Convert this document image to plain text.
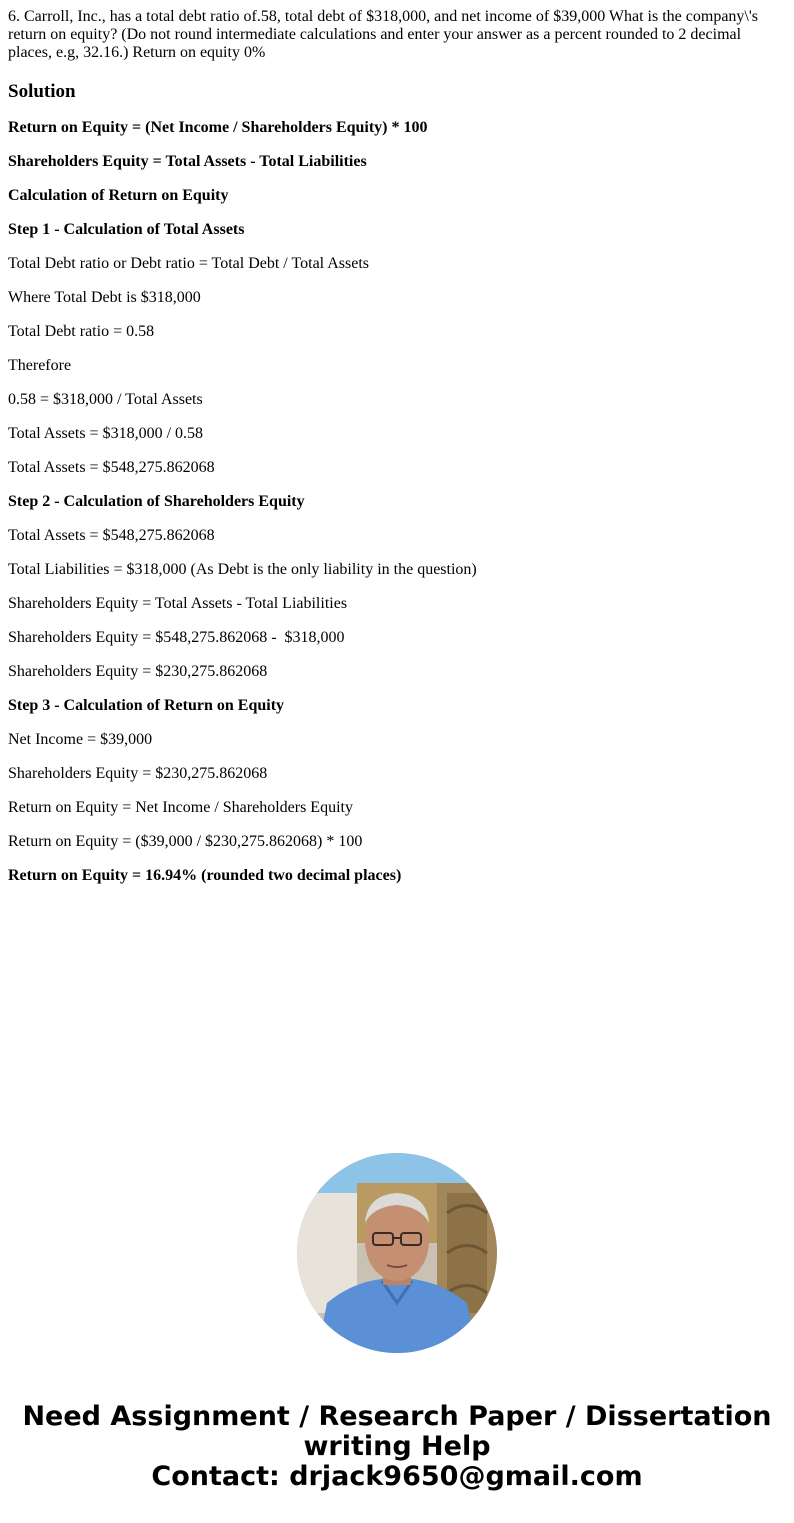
6. Carroll, Inc., has a total debt ratio of.58, total debt of $318,000, and net income of $39,000 What is the company\'s return on equity? (Do not round intermediate calculations and enter your answer as a percent rounded to 2 decimal places, e.g, 32.16.) Return on equity 0%

Solution

Return on Equity = (Net Income / Shareholders Equity) * 100

Shareholders Equity = Total Assets - Total Liabilities

Calculation of Return on Equity

Step 1 - Calculation of Total Assets

Total Debt ratio or Debt ratio = Total Debt / Total Assets

Where Total Debt is $318,000

Total Debt ratio = 0.58

Therefore

0.58 = $318,000 / Total Assets

Total Assets = $318,000 / 0.58

Total Assets = $548,275.862068

Step 2 - Calculation of Shareholders Equity

Total Assets = $548,275.862068

Total Liabilities = $318,000 (As Debt is the only liability in the question)

Shareholders Equity = Total Assets - Total Liabilities

Shareholders Equity = $548,275.862068 -  $318,000

Shareholders Equity = $230,275.862068

Step 3 - Calculation of Return on Equity

Net Income = $39,000

Shareholders Equity = $230,275.862068

Return on Equity = Net Income / Shareholders Equity

Return on Equity = ($39,000 / $230,275.862068) * 100

Return on Equity = 16.94% (rounded two decimal places)

Need Assignment / Research Paper / Dissertation
writing Help
Contact: drjack9650@gmail.com
